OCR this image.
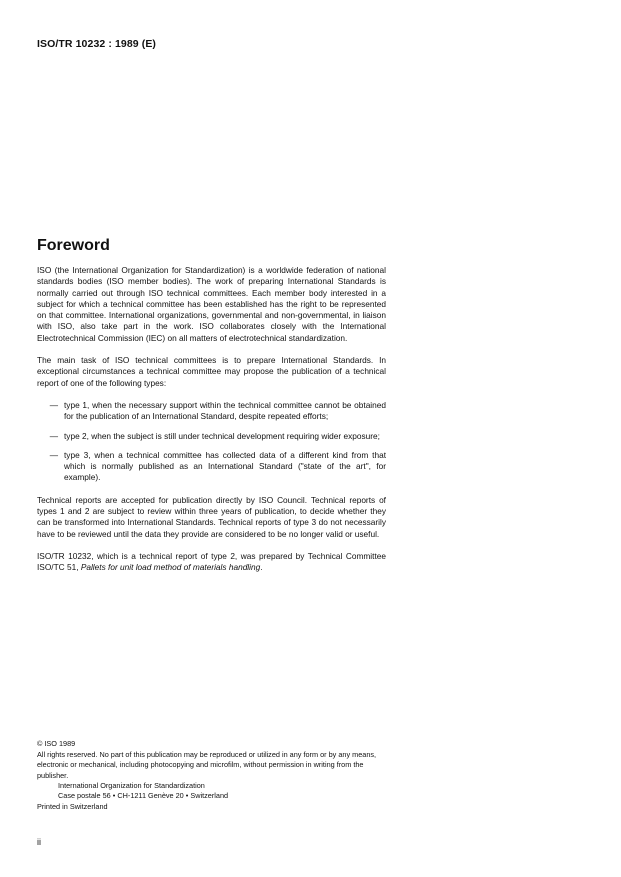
ISO/TR 10232 : 1989 (E)
Foreword

ISO (the International Organization for Standardization) is a worldwide federation of national standards bodies (ISO member bodies). The work of preparing International Standards is normally carried out through ISO technical committees. Each member body interested in a subject for which a technical committee has been established has the right to be represented on that committee. International organizations, governmental and non-governmental, in liaison with ISO, also take part in the work. ISO collaborates closely with the International Electrotechnical Commission (IEC) on all matters of electrotechnical standardization.

The main task of ISO technical committees is to prepare International Standards. In exceptional circumstances a technical committee may propose the publication of a technical report of one of the following types:

— type 1, when the necessary support within the technical committee cannot be obtained for the publication of an International Standard, despite repeated efforts;
— type 2, when the subject is still under technical development requiring wider exposure;
— type 3, when a technical committee has collected data of a different kind from that which is normally published as an International Standard ("state of the art", for example).

Technical reports are accepted for publication directly by ISO Council. Technical reports of types 1 and 2 are subject to review within three years of publication, to decide whether they can be transformed into International Standards. Technical reports of type 3 do not necessarily have to be reviewed until the data they provide are considered to be no longer valid or useful.

ISO/TR 10232, which is a technical report of type 2, was prepared by Technical Committee ISO/TC 51, Pallets for unit load method of materials handling.

© ISO 1989

All rights reserved. No part of this publication may be reproduced or utilized in any form or by any means, electronic or mechanical, including photocopying and microfilm, without permission in writing from the publisher.

International Organization for Standardization

Case postale 56 • CH-1211 Genève 20 • Switzerland

Printed in Switzerland

ii
